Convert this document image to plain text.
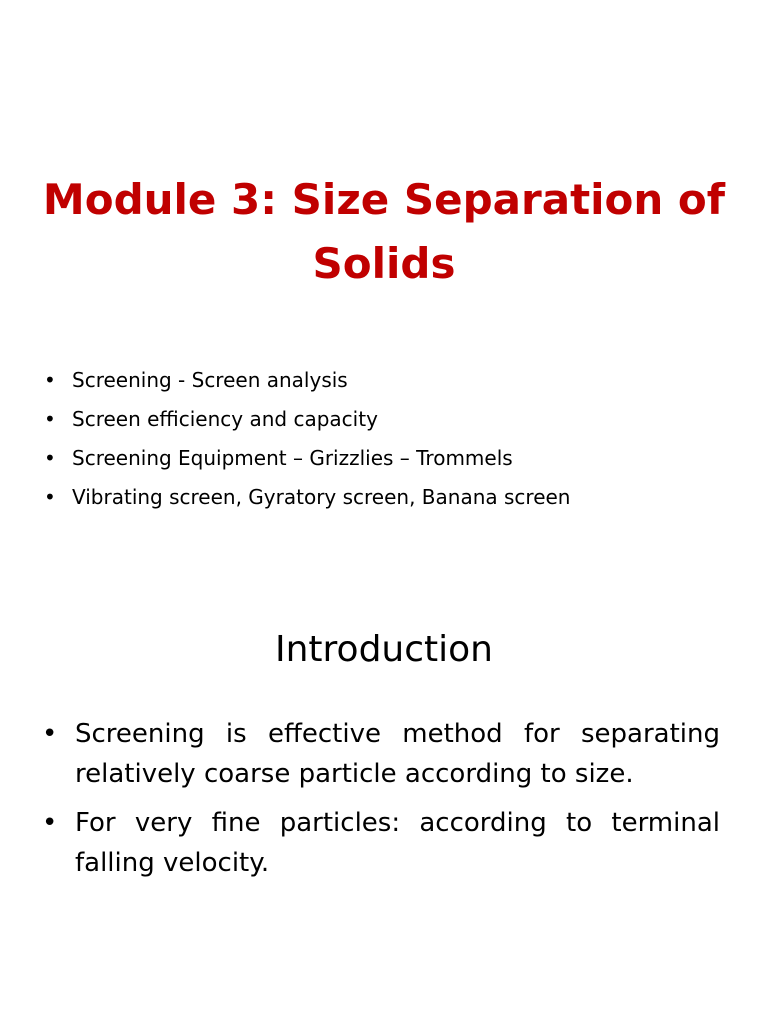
Module 3: Size Separation of Solids
• Screening - Screen analysis
• Screen efficiency and capacity
• Screening Equipment – Grizzlies – Trommels
• Vibrating screen, Gyratory screen, Banana screen
Introduction
• Screening is effective method for separating relatively coarse particle according to size.
• For very fine particles: according to terminal falling velocity.
